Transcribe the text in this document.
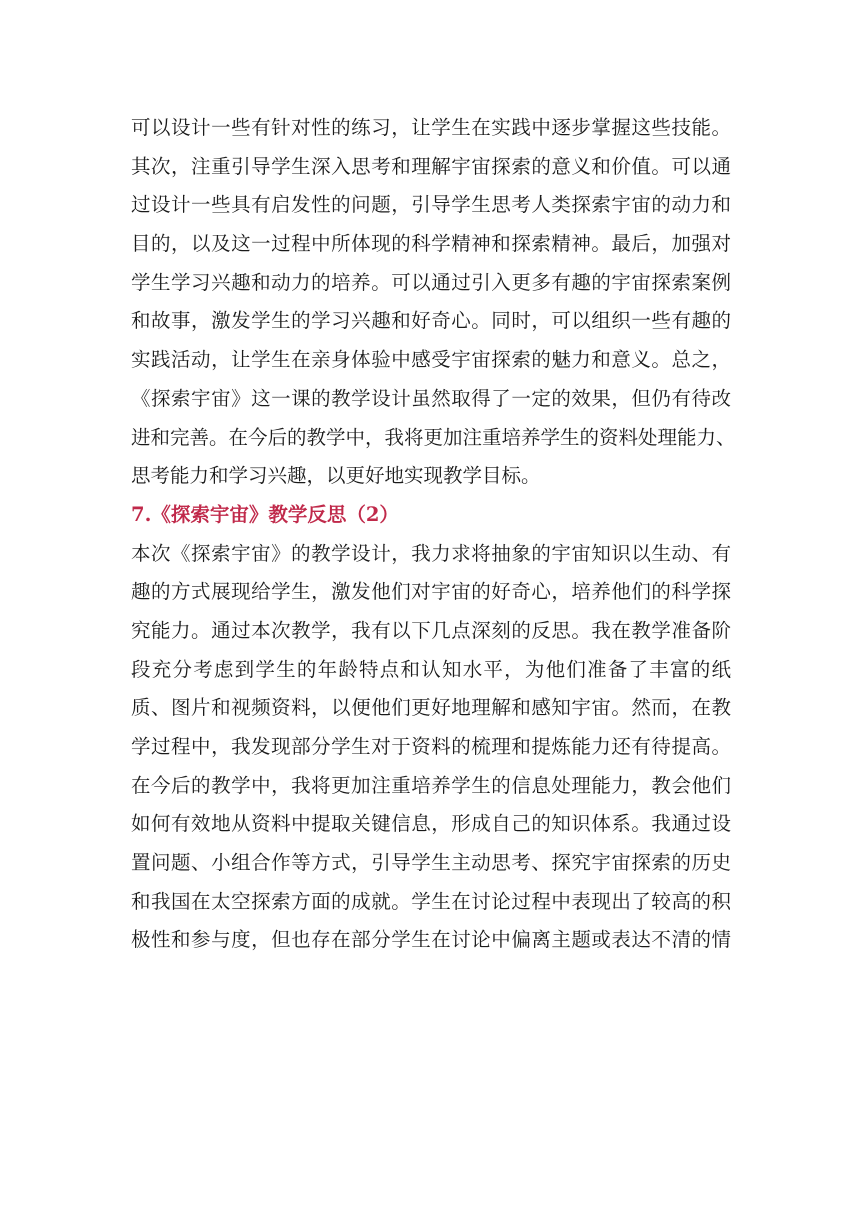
可以设计一些有针对性的练习，让学生在实践中逐步掌握这些技能。
其次，注重引导学生深入思考和理解宇宙探索的意义和价值。可以通
过设计一些具有启发性的问题，引导学生思考人类探索宇宙的动力和
目的，以及这一过程中所体现的科学精神和探索精神。最后，加强对
学生学习兴趣和动力的培养。可以通过引入更多有趣的宇宙探索案例
和故事，激发学生的学习兴趣和好奇心。同时，可以组织一些有趣的
实践活动，让学生在亲身体验中感受宇宙探索的魅力和意义。总之，
《探索宇宙》这一课的教学设计虽然取得了一定的效果，但仍有待改
进和完善。在今后的教学中，我将更加注重培养学生的资料处理能力、
思考能力和学习兴趣，以更好地实现教学目标。
7.《探索宇宙》教学反思（2）
本次《探索宇宙》的教学设计，我力求将抽象的宇宙知识以生动、有
趣的方式展现给学生，激发他们对宇宙的好奇心，培养他们的科学探
究能力。通过本次教学，我有以下几点深刻的反思。我在教学准备阶
段充分考虑到学生的年龄特点和认知水平，为他们准备了丰富的纸
质、图片和视频资料，以便他们更好地理解和感知宇宙。然而，在教
学过程中，我发现部分学生对于资料的梳理和提炼能力还有待提高。
在今后的教学中，我将更加注重培养学生的信息处理能力，教会他们
如何有效地从资料中提取关键信息，形成自己的知识体系。我通过设
置问题、小组合作等方式，引导学生主动思考、探究宇宙探索的历史
和我国在太空探索方面的成就。学生在讨论过程中表现出了较高的积
极性和参与度，但也存在部分学生在讨论中偏离主题或表达不清的情
